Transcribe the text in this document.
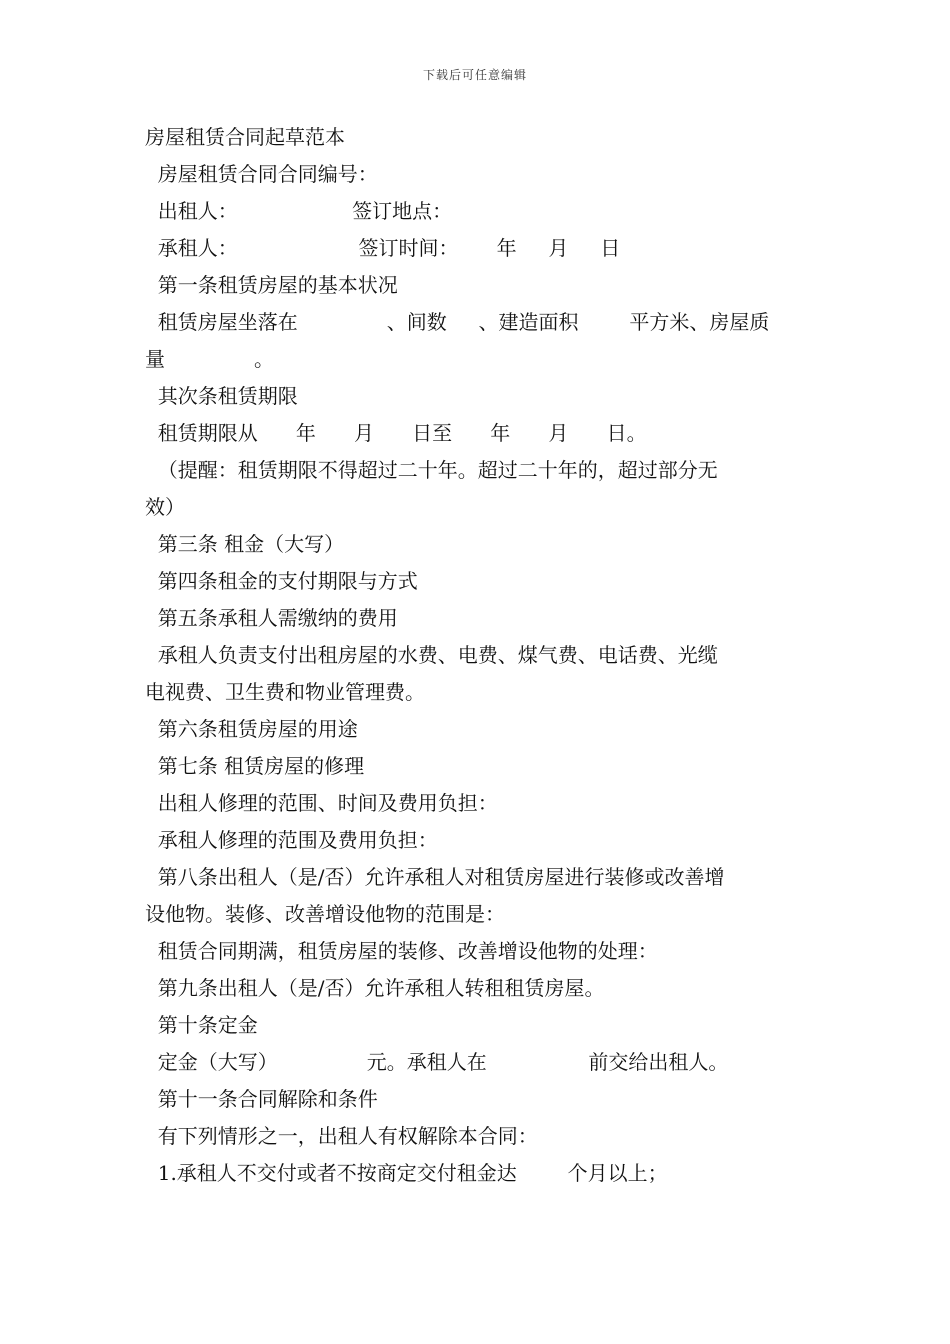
下载后可任意编辑
房屋租赁合同起草范本
房屋租赁合同合同编号：
出租人：                  签订地点：
承租人：                   签订时间：      年     月     日
第一条租赁房屋的基本状况
租赁房屋坐落在              、间数     、建造面积        平方米、房屋质
量              。
其次条租赁期限
租赁期限从      年      月      日至      年      月      日。
（提醒：租赁期限不得超过二十年。超过二十年的，超过部分无
效）
第三条 租金（大写）
第四条租金的支付期限与方式
第五条承租人需缴纳的费用
承租人负责支付出租房屋的水费、电费、煤气费、电话费、光缆
电视费、卫生费和物业管理费。
第六条租赁房屋的用途
第七条 租赁房屋的修理
出租人修理的范围、时间及费用负担：
承租人修理的范围及费用负担：
第八条出租人（是/否）允许承租人对租赁房屋进行装修或改善增
设他物。装修、改善增设他物的范围是：
租赁合同期满，租赁房屋的装修、改善增设他物的处理：
第九条出租人（是/否）允许承租人转租租赁房屋。
第十条定金
定金（大写）              元。承租人在                前交给出租人。
第十一条合同解除和条件
有下列情形之一，出租人有权解除本合同：
1.承租人不交付或者不按商定交付租金达        个月以上；
